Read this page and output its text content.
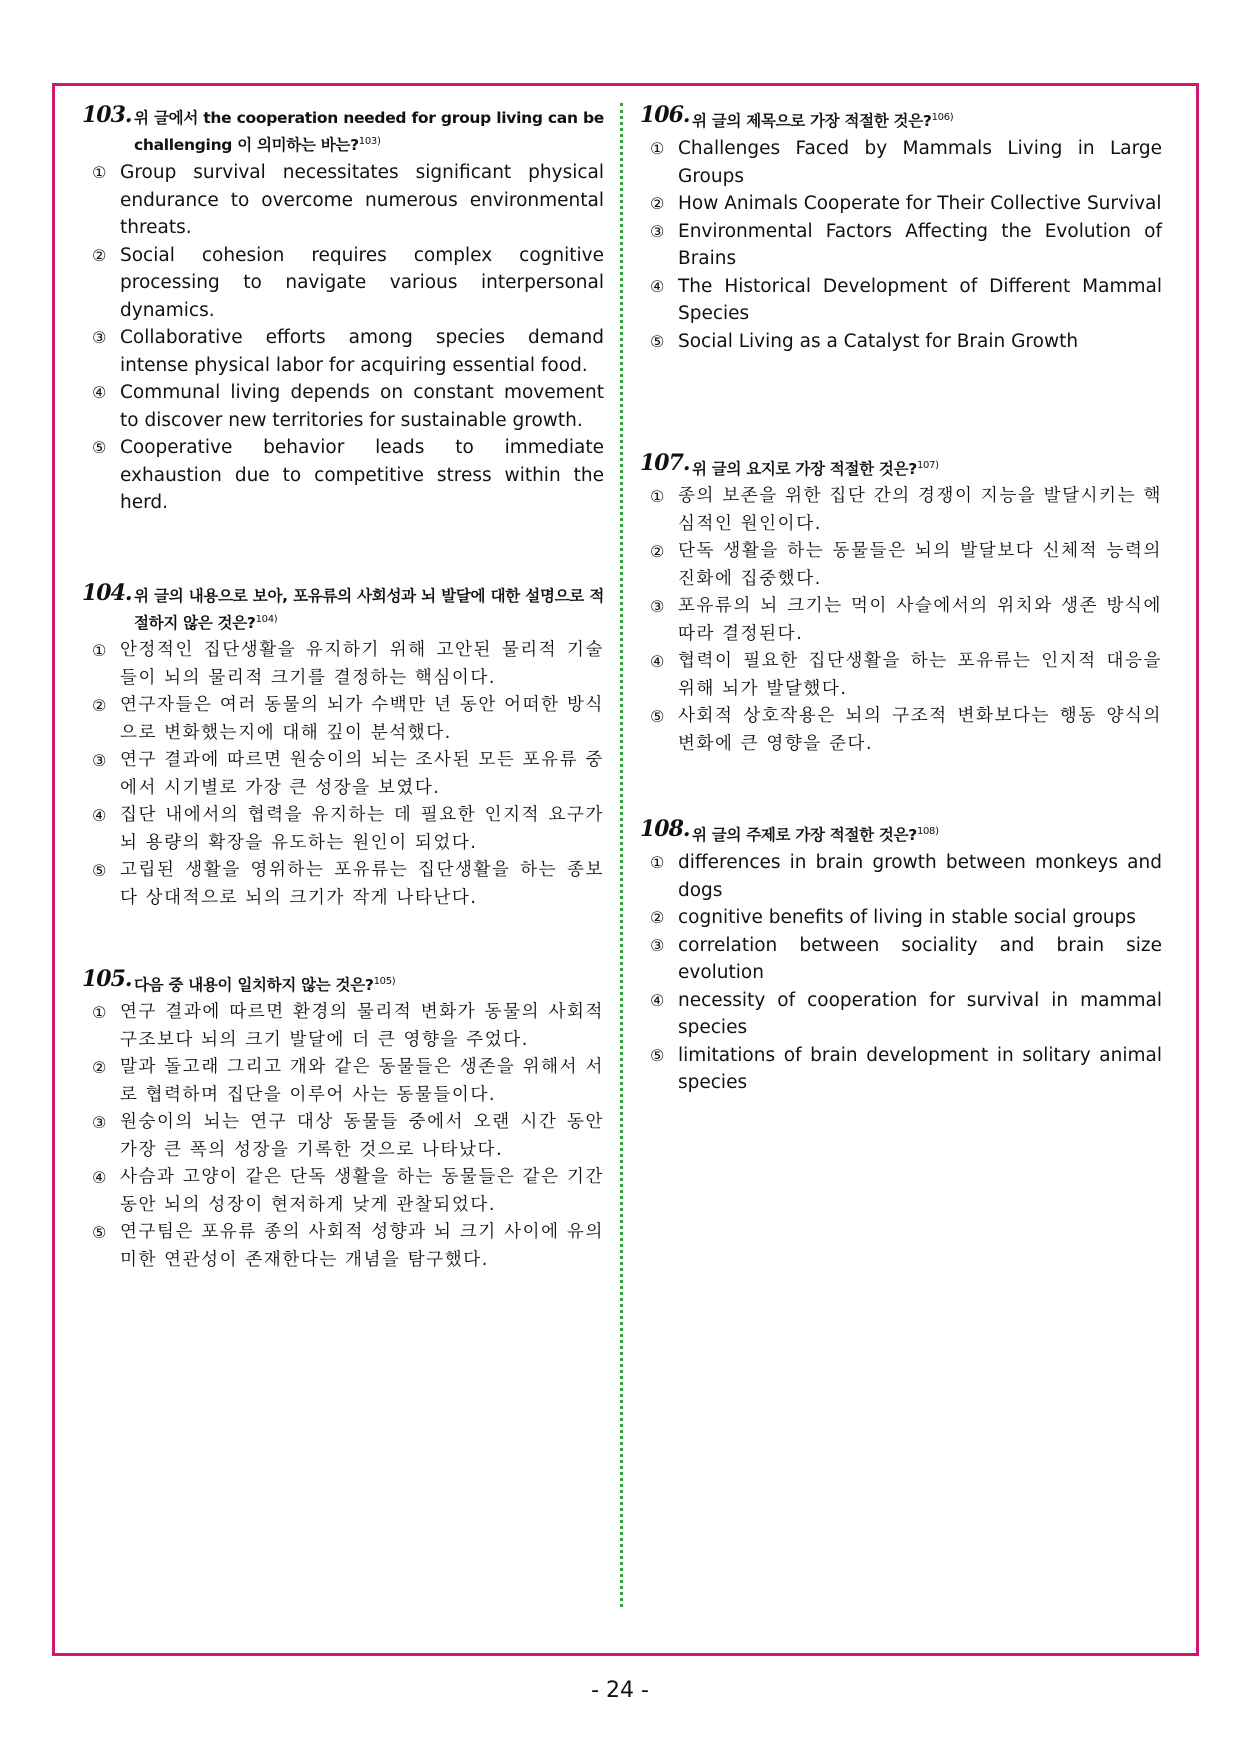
103. 위 글에서 the cooperation needed for group living can be challenging 이 의미하는 바는?$^{103)}$
① Group survival necessitates significant physical endurance to overcome numerous environmental threats.
② Social cohesion requires complex cognitive processing to navigate various interpersonal dynamics.
③ Collaborative efforts among species demand intense physical labor for acquiring essential food.
④ Communal living depends on constant movement to discover new territories for sustainable growth.
⑤ Cooperative behavior leads to immediate exhaustion due to competitive stress within the herd.
104. 위 글의 내용으로 보아, 포유류의 사회성과 뇌 발달에 대한 설명으로 적절하지 않은 것은?$^{104)}$
① 안정적인 집단생활을 유지하기 위해 고안된 물리적 기술들이 뇌의 물리적 크기를 결정하는 핵심이다.
② 연구자들은 여러 동물의 뇌가 수백만 년 동안 어떠한 방식으로 변화했는지에 대해 깊이 분석했다.
③ 연구 결과에 따르면 원숭이의 뇌는 조사된 모든 포유류 중에서 시기별로 가장 큰 성장을 보였다.
④ 집단 내에서의 협력을 유지하는 데 필요한 인지적 요구가 뇌 용량의 확장을 유도하는 원인이 되었다.
⑤ 고립된 생활을 영위하는 포유류는 집단생활을 하는 종보다 상대적으로 뇌의 크기가 작게 나타난다.
105. 다음 중 내용이 일치하지 않는 것은?$^{105)}$
① 연구 결과에 따르면 환경의 물리적 변화가 동물의 사회적 구조보다 뇌의 크기 발달에 더 큰 영향을 주었다.
② 말과 돌고래 그리고 개와 같은 동물들은 생존을 위해서 서로 협력하며 집단을 이루어 사는 동물들이다.
③ 원숭이의 뇌는 연구 대상 동물들 중에서 오랜 시간 동안 가장 큰 폭의 성장을 기록한 것으로 나타났다.
④ 사슴과 고양이 같은 단독 생활을 하는 동물들은 같은 기간 동안 뇌의 성장이 현저하게 낮게 관찰되었다.
⑤ 연구팀은 포유류 종의 사회적 성향과 뇌 크기 사이에 유의미한 연관성이 존재한다는 개념을 탐구했다.
106. 위 글의 제목으로 가장 적절한 것은?$^{106)}$
① Challenges Faced by Mammals Living in Large Groups
② How Animals Cooperate for Their Collective Survival
③ Environmental Factors Affecting the Evolution of Brains
④ The Historical Development of Different Mammal Species
⑤ Social Living as a Catalyst for Brain Growth
107. 위 글의 요지로 가장 적절한 것은?$^{107)}$
① 종의 보존을 위한 집단 간의 경쟁이 지능을 발달시키는 핵심적인 원인이다.
② 단독 생활을 하는 동물들은 뇌의 발달보다 신체적 능력의 진화에 집중했다.
③ 포유류의 뇌 크기는 먹이 사슬에서의 위치와 생존 방식에 따라 결정된다.
④ 협력이 필요한 집단생활을 하는 포유류는 인지적 대응을 위해 뇌가 발달했다.
⑤ 사회적 상호작용은 뇌의 구조적 변화보다는 행동 양식의 변화에 큰 영향을 준다.
108. 위 글의 주제로 가장 적절한 것은?$^{108)}$
① differences in brain growth between monkeys and dogs
② cognitive benefits of living in stable social groups
③ correlation between sociality and brain size evolution
④ necessity of cooperation for survival in mammal species
⑤ limitations of brain development in solitary animal species
- 24 -
